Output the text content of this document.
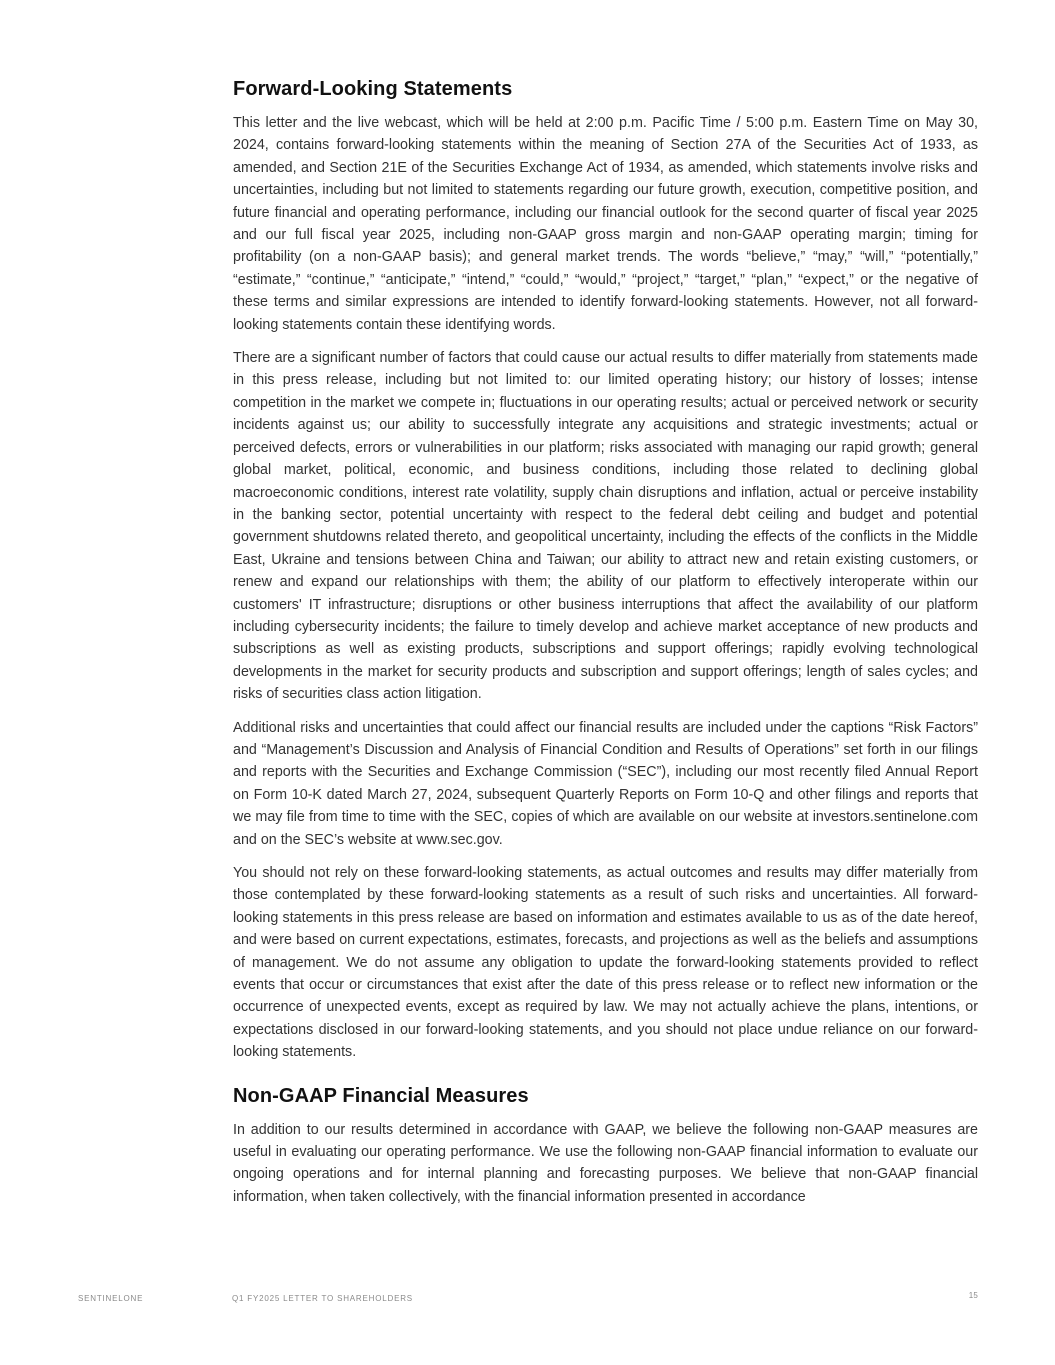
Forward-Looking Statements

This letter and the live webcast, which will be held at 2:00 p.m. Pacific Time / 5:00 p.m. Eastern Time on May 30, 2024, contains forward-looking statements within the meaning of Section 27A of the Securities Act of 1933, as amended, and Section 21E of the Securities Exchange Act of 1934, as amended, which statements involve risks and uncertainties, including but not limited to statements regarding our future growth, execution, competitive position, and future financial and operating performance, including our financial outlook for the second quarter of fiscal year 2025 and our full fiscal year 2025, including non-GAAP gross margin and non-GAAP operating margin; timing for profitability (on a non-GAAP basis); and general market trends. The words “believe,” “may,” “will,” “potentially,” “estimate,” “continue,” “anticipate,” “intend,” “could,” “would,” “project,” “target,” “plan,” “expect,” or the negative of these terms and similar expressions are intended to identify forward-looking statements. However, not all forward-looking statements contain these identifying words.

There are a significant number of factors that could cause our actual results to differ materially from statements made in this press release, including but not limited to: our limited operating history; our history of losses; intense competition in the market we compete in; fluctuations in our operating results; actual or perceived network or security incidents against us; our ability to successfully integrate any acquisitions and strategic investments; actual or perceived defects, errors or vulnerabilities in our platform; risks associated with managing our rapid growth; general global market, political, economic, and business conditions, including those related to declining global macroeconomic conditions, interest rate volatility, supply chain disruptions and inflation, actual or perceive instability in the banking sector, potential uncertainty with respect to the federal debt ceiling and budget and potential government shutdowns related thereto, and geopolitical uncertainty, including the effects of the conflicts in the Middle East, Ukraine and tensions between China and Taiwan; our ability to attract new and retain existing customers, or renew and expand our relationships with them; the ability of our platform to effectively interoperate within our customers' IT infrastructure; disruptions or other business interruptions that affect the availability of our platform including cybersecurity incidents; the failure to timely develop and achieve market acceptance of new products and subscriptions as well as existing products, subscriptions and support offerings; rapidly evolving technological developments in the market for security products and subscription and support offerings; length of sales cycles; and risks of securities class action litigation.

Additional risks and uncertainties that could affect our financial results are included under the captions “Risk Factors” and “Management’s Discussion and Analysis of Financial Condition and Results of Operations” set forth in our filings and reports with the Securities and Exchange Commission (“SEC”), including our most recently filed Annual Report on Form 10-K dated March 27, 2024, subsequent Quarterly Reports on Form 10-Q and other filings and reports that we may file from time to time with the SEC, copies of which are available on our website at investors.sentinelone.com and on the SEC’s website at www.sec.gov.

You should not rely on these forward-looking statements, as actual outcomes and results may differ materially from those contemplated by these forward-looking statements as a result of such risks and uncertainties. All forward-looking statements in this press release are based on information and estimates available to us as of the date hereof, and were based on current expectations, estimates, forecasts, and projections as well as the beliefs and assumptions of management. We do not assume any obligation to update the forward-looking statements provided to reflect events that occur or circumstances that exist after the date of this press release or to reflect new information or the occurrence of unexpected events, except as required by law. We may not actually achieve the plans, intentions, or expectations disclosed in our forward-looking statements, and you should not place undue reliance on our forward-looking statements.

Non-GAAP Financial Measures

In addition to our results determined in accordance with GAAP, we believe the following non-GAAP measures are useful in evaluating our operating performance. We use the following non-GAAP financial information to evaluate our ongoing operations and for internal planning and forecasting purposes. We believe that non-GAAP financial information, when taken collectively, with the financial information presented in accordance

SENTINELONE	Q1 FY2025 LETTER TO SHAREHOLDERS	15
